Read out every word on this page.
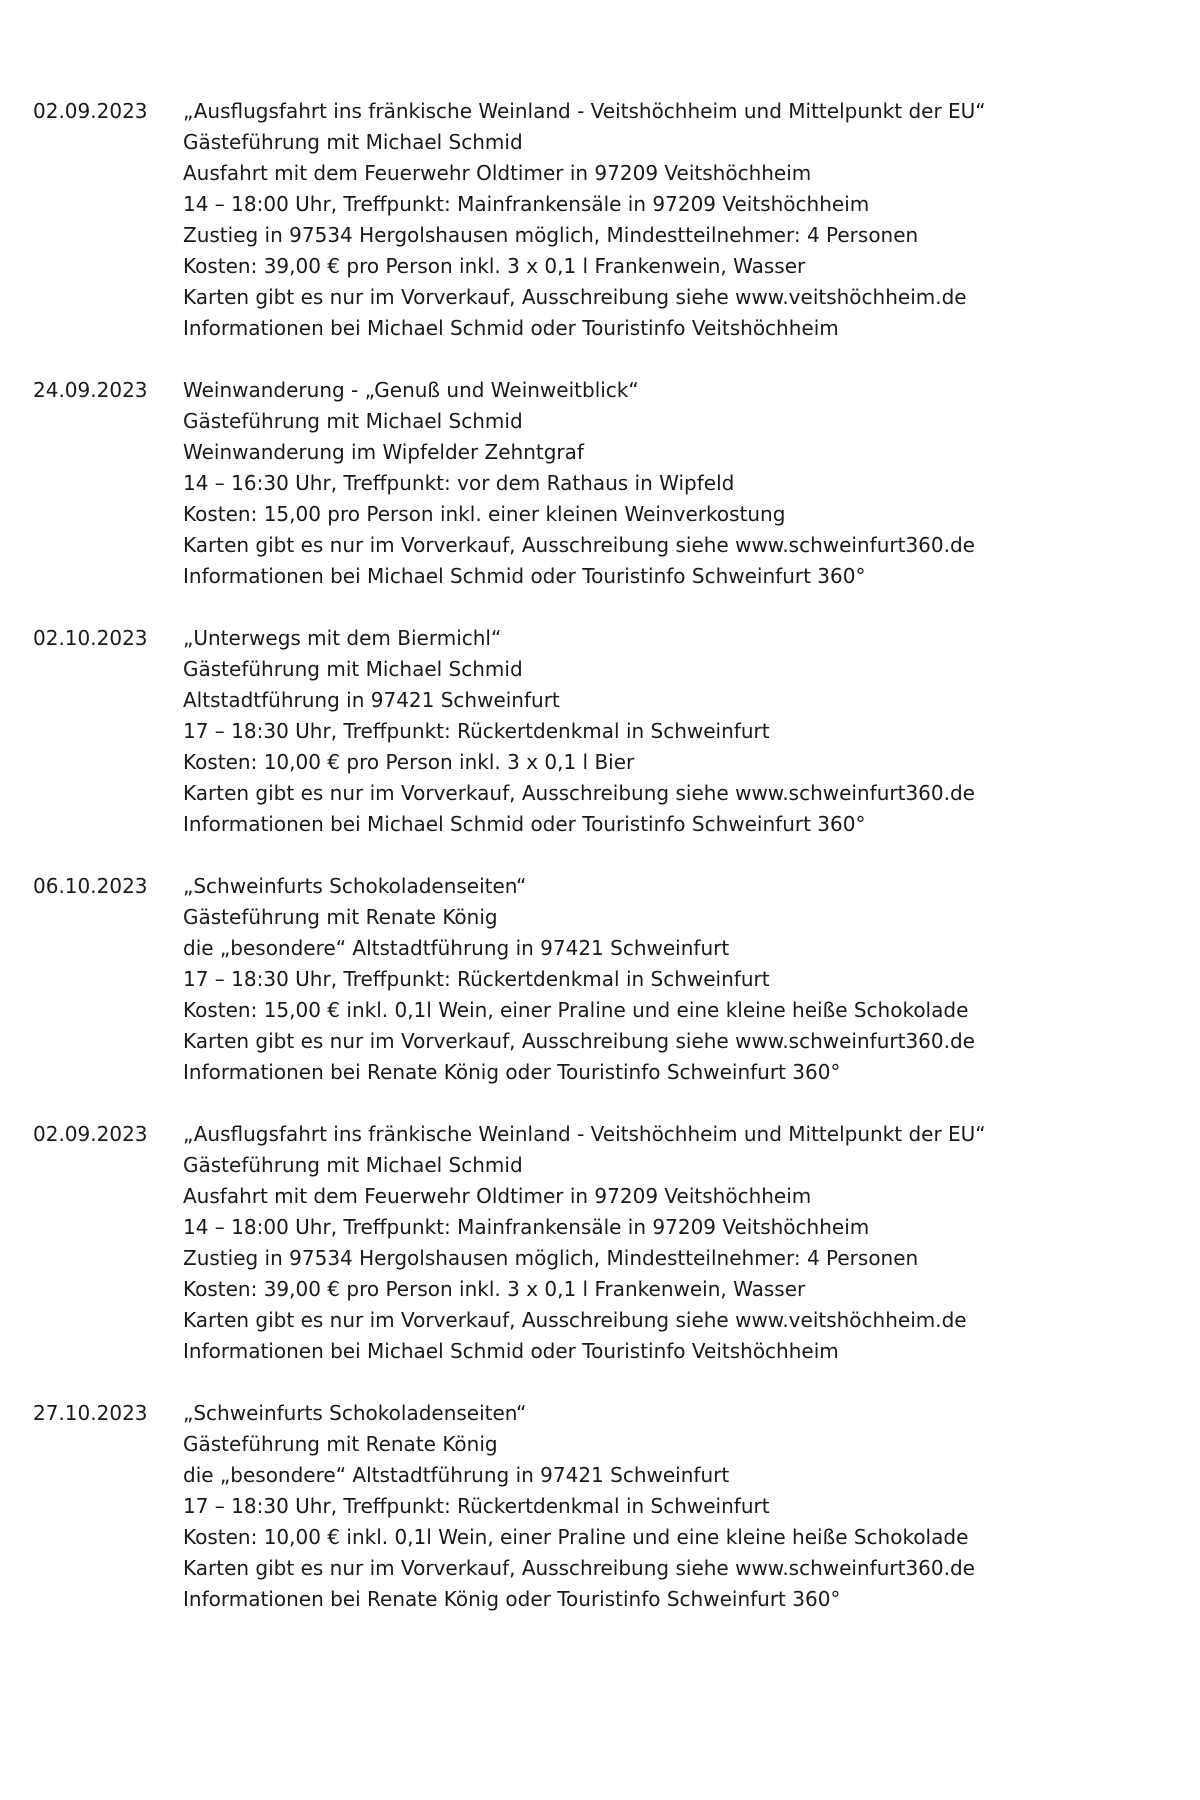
02.09.2023	„Ausflugsfahrt ins fränkische Weinland - Veitshöchheim und Mittelpunkt der EU“
Gästeführung mit Michael Schmid
Ausfahrt mit dem Feuerwehr Oldtimer in 97209 Veitshöchheim
14 – 18:00 Uhr, Treffpunkt: Mainfrankensäle in 97209 Veitshöchheim
Zustieg in 97534 Hergolshausen möglich, Mindestteilnehmer: 4 Personen
Kosten: 39,00 € pro Person inkl. 3 x 0,1 l Frankenwein, Wasser
Karten gibt es nur im Vorverkauf, Ausschreibung siehe www.veitshöchheim.de
Informationen bei Michael Schmid oder Touristinfo Veitshöchheim
24.09.2023	Weinwanderung - „Genuß und Weinweitblick“
Gästeführung mit Michael Schmid
Weinwanderung im Wipfelder Zehntgraf
14 – 16:30 Uhr, Treffpunkt: vor dem Rathaus in Wipfeld
Kosten: 15,00 pro Person inkl. einer kleinen Weinverkostung
Karten gibt es nur im Vorverkauf, Ausschreibung siehe www.schweinfurt360.de
Informationen bei Michael Schmid oder Touristinfo Schweinfurt 360°
02.10.2023	„Unterwegs mit dem Biermichl“
Gästeführung mit Michael Schmid
Altstadtführung in 97421 Schweinfurt
17 – 18:30 Uhr, Treffpunkt: Rückertdenkmal in Schweinfurt
Kosten: 10,00 € pro Person inkl. 3 x 0,1 l Bier
Karten gibt es nur im Vorverkauf, Ausschreibung siehe www.schweinfurt360.de
Informationen bei Michael Schmid oder Touristinfo Schweinfurt 360°
06.10.2023	„Schweinfurts Schokoladenseiten“
Gästeführung mit Renate König
die „besondere“ Altstadtführung in 97421 Schweinfurt
17 – 18:30 Uhr, Treffpunkt: Rückertdenkmal in Schweinfurt
Kosten: 15,00 € inkl. 0,1l Wein, einer Praline und eine kleine heiße Schokolade
Karten gibt es nur im Vorverkauf, Ausschreibung siehe www.schweinfurt360.de
Informationen bei Renate König oder Touristinfo Schweinfurt 360°
02.09.2023	„Ausflugsfahrt ins fränkische Weinland - Veitshöchheim und Mittelpunkt der EU“
Gästeführung mit Michael Schmid
Ausfahrt mit dem Feuerwehr Oldtimer in 97209 Veitshöchheim
14 – 18:00 Uhr, Treffpunkt: Mainfrankensäle in 97209 Veitshöchheim
Zustieg in 97534 Hergolshausen möglich, Mindestteilnehmer: 4 Personen
Kosten: 39,00 € pro Person inkl. 3 x 0,1 l Frankenwein, Wasser
Karten gibt es nur im Vorverkauf, Ausschreibung siehe www.veitshöchheim.de
Informationen bei Michael Schmid oder Touristinfo Veitshöchheim
27.10.2023	„Schweinfurts Schokoladenseiten“
Gästeführung mit Renate König
die „besondere“ Altstadtführung in 97421 Schweinfurt
17 – 18:30 Uhr, Treffpunkt: Rückertdenkmal in Schweinfurt
Kosten: 10,00 € inkl. 0,1l Wein, einer Praline und eine kleine heiße Schokolade
Karten gibt es nur im Vorverkauf, Ausschreibung siehe www.schweinfurt360.de
Informationen bei Renate König oder Touristinfo Schweinfurt 360°
